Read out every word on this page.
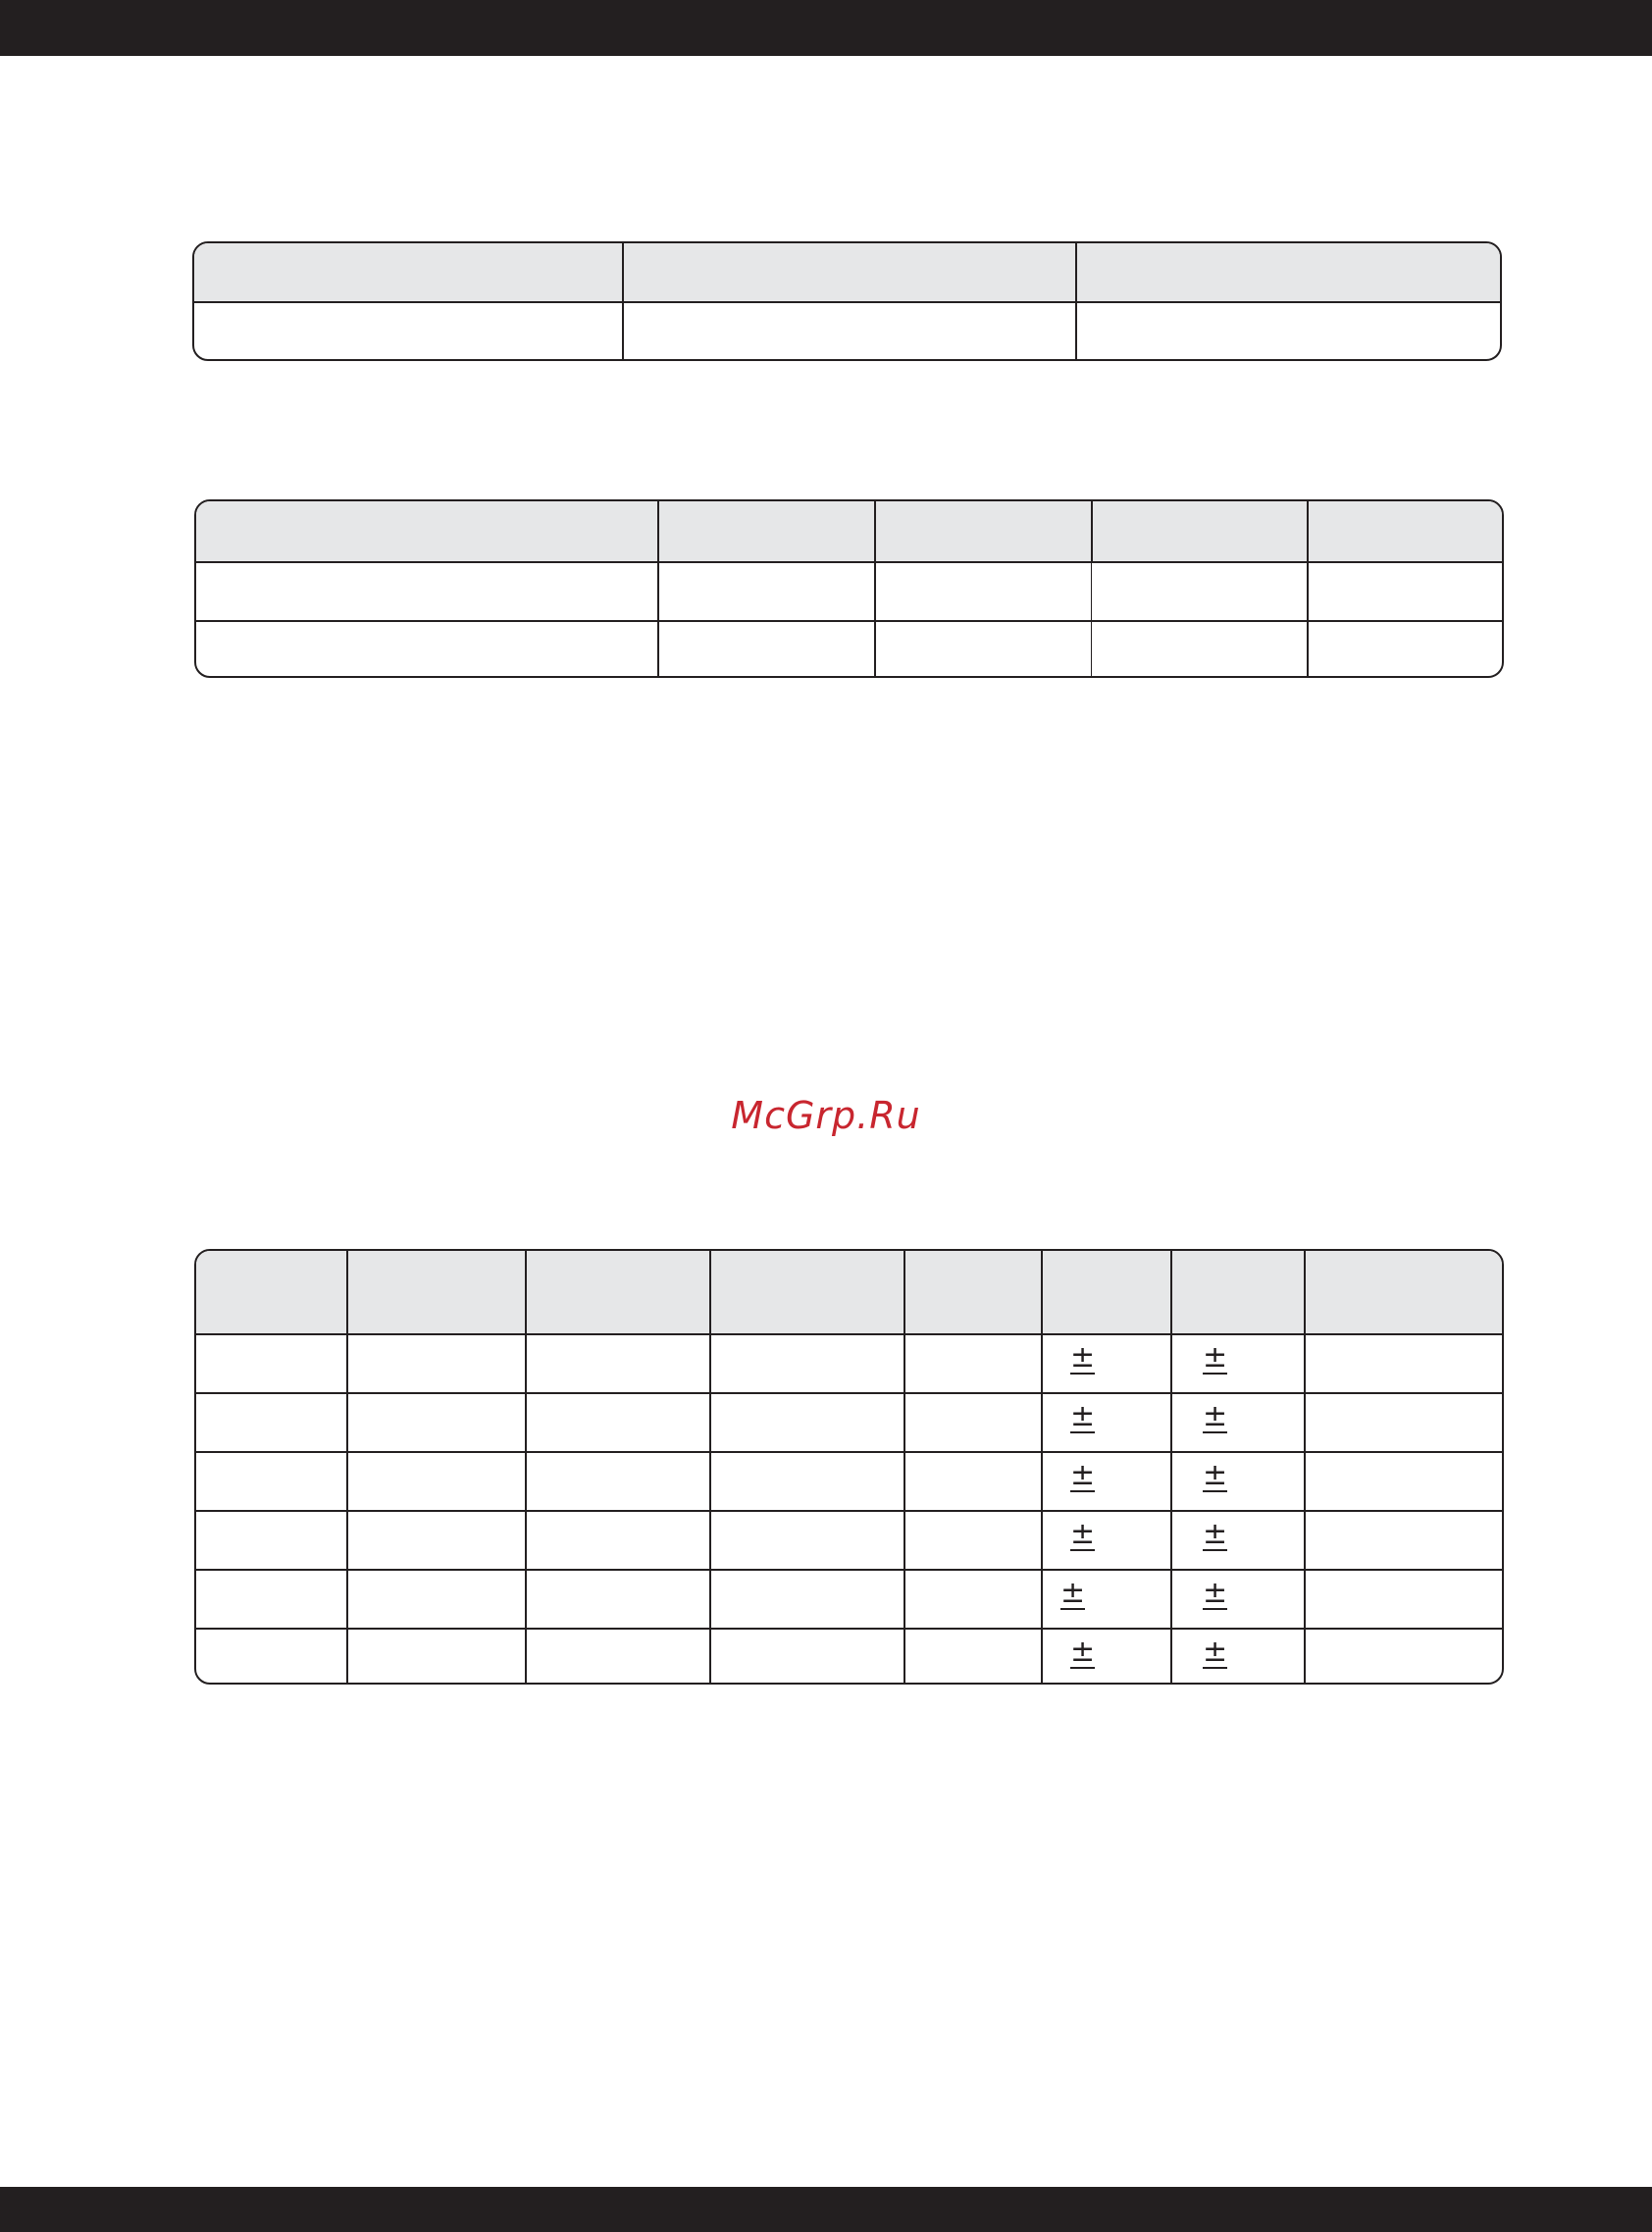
McGrp.Ru
±	±
±	±
±	±
±	±
±	±
±	±
